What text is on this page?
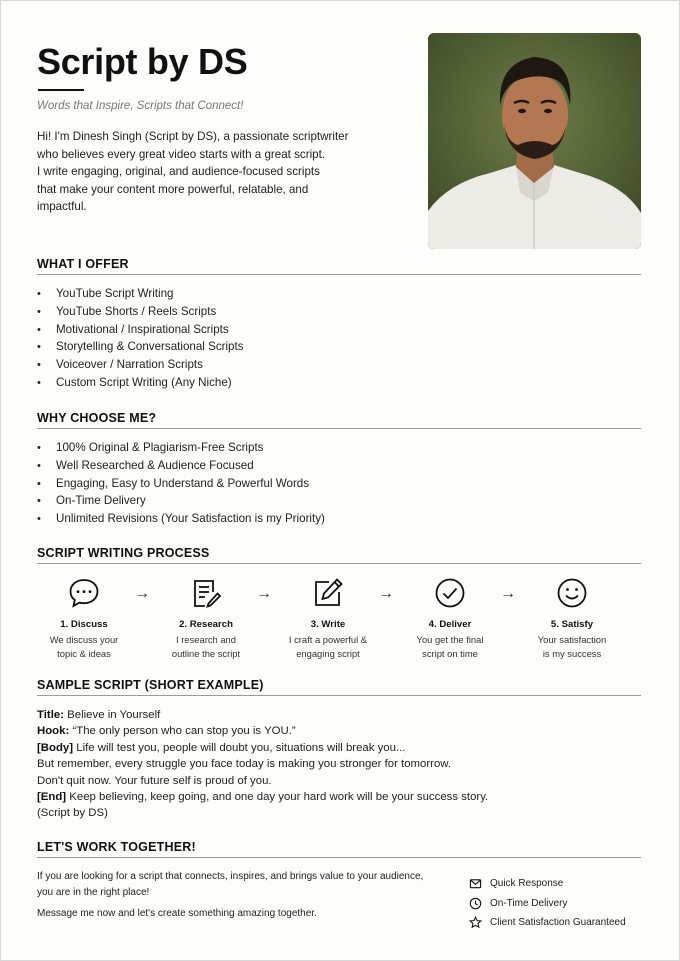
Script by DS
Words that Inspire, Scripts that Connect!
Hi! I'm Dinesh Singh (Script by DS), a passionate scriptwriter
who believes every great video starts with a great script.
I write engaging, original, and audience-focused scripts
that make your content more powerful, relatable, and
impactful.
WHAT I OFFER
• YouTube Script Writing
• YouTube Shorts / Reels Scripts
• Motivational / Inspirational Scripts
• Storytelling & Conversational Scripts
• Voiceover / Narration Scripts
• Custom Script Writing (Any Niche)
WHY CHOOSE ME?
• 100% Original & Plagiarism-Free Scripts
• Well Researched & Audience Focused
• Engaging, Easy to Understand & Powerful Words
• On-Time Delivery
• Unlimited Revisions (Your Satisfaction is my Priority)
SCRIPT WRITING PROCESS
1. Discuss
We discuss your
topic & ideas
→
2. Research
I research and
outline the script
→
3. Write
I craft a powerful &
engaging script
→
4. Deliver
You get the final
script on time
→
5. Satisfy
Your satisfaction
is my success
SAMPLE SCRIPT (SHORT EXAMPLE)
Title: Believe in Yourself
Hook: “The only person who can stop you is YOU.”
[Body] Life will test you, people will doubt you, situations will break you...
But remember, every struggle you face today is making you stronger for tomorrow.
Don't quit now. Your future self is proud of you.
[End] Keep believing, keep going, and one day your hard work will be your success story.
(Script by DS)
LET'S WORK TOGETHER!
If you are looking for a script that connects, inspires, and brings value to your audience,
you are in the right place!
Message me now and let's create something amazing together.
Quick Response
On-Time Delivery
Client Satisfaction Guaranteed
